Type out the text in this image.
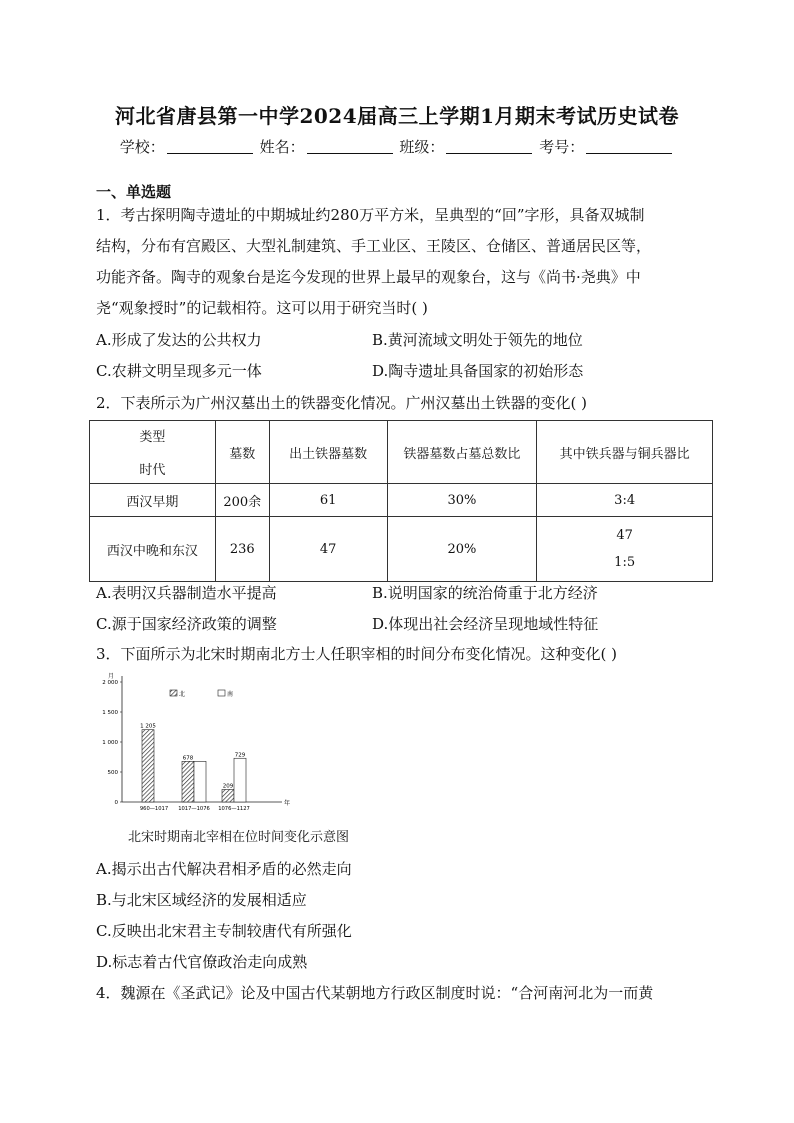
河北省唐县第一中学2024届高三上学期1月期末考试历史试卷
学校：	姓名：	班级：	考号：
一、单选题
1．考古探明陶寺遗址的中期城址约280万平方米，呈典型的“回”字形，具备双城制
结构，分布有宫殿区、大型礼制建筑、手工业区、王陵区、仓储区、普通居民区等，
功能齐备。陶寺的观象台是迄今发现的世界上最早的观象台，这与《尚书·尧典》中
尧“观象授时”的记载相符。这可以用于研究当时( )
A.形成了发达的公共权力	B.黄河流域文明处于领先的地位
C.农耕文明呈现多元一体	D.陶寺遗址具备国家的初始形态
2．下表所示为广州汉墓出土的铁器变化情况。广州汉墓出土铁器的变化( )
类型
时代	墓数	出土铁器墓数	铁器墓数占墓总数比	其中铁兵器与铜兵器比
西汉早期	200余	61	30%	3:4
西汉中晚和东汉	236	47	20%	47
1:5
A.表明汉兵器制造水平提高	B.说明国家的统治倚重于北方经济
C.源于国家经济政策的调整	D.体现出社会经济呈现地域性特征
3．下面所示为北宋时期南北方士人任职宰相的时间分布变化情况。这种变化( )
月
年
0
500
1 000
1 500
2 000
北	南
1 205
960—1017
678
1017—1076
209
729
1076—1127
北宋时期南北宰相在位时间变化示意图
A.揭示出古代解决君相矛盾的必然走向
B.与北宋区域经济的发展相适应
C.反映出北宋君主专制较唐代有所强化
D.标志着古代官僚政治走向成熟
4．魏源在《圣武记》论及中国古代某朝地方行政区制度时说：“合河南河北为一而黄
